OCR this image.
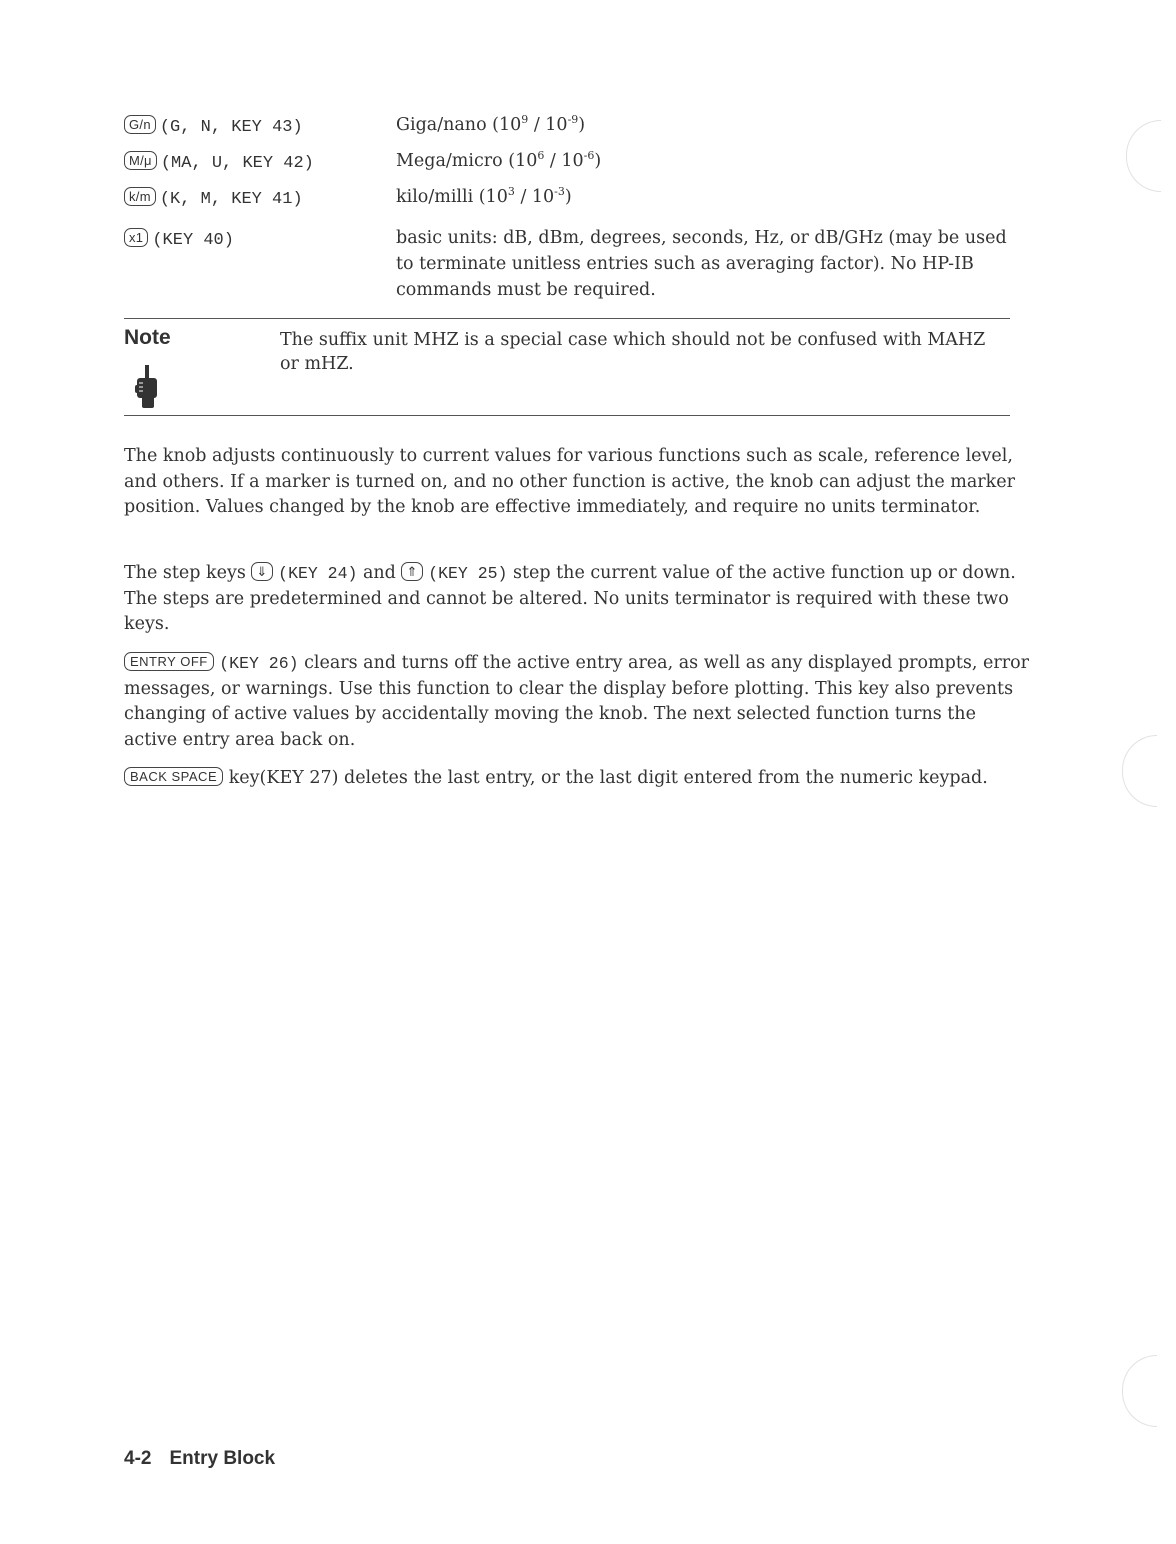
G/n (G, N, KEY 43)	Giga/nano $(10^9 / 10^{-9})$
M/μ (MA, U, KEY 42)	Mega/micro $(10^6 / 10^{-6})$
k/m (K, M, KEY 41)	kilo/milli $(10^3 / 10^{-3})$
x1 (KEY 40)	basic units: dB, dBm, degrees, seconds, Hz, or dB/GHz (may be used to terminate unitless entries such as averaging factor). No HP-IB commands must be required.
Note	The suffix unit MHZ is a special case which should not be confused with MAHZ or mHZ.
The knob adjusts continuously to current values for various functions such as scale, reference level, and others. If a marker is turned on, and no other function is active, the knob can adjust the marker position. Values changed by the knob are effective immediately, and require no units terminator.
The step keys ⇓ (KEY 24) and ⇑ (KEY 25) step the current value of the active function up or down. The steps are predetermined and cannot be altered. No units terminator is required with these two keys.
ENTRY OFF (KEY 26) clears and turns off the active entry area, as well as any displayed prompts, error messages, or warnings. Use this function to clear the display before plotting. This key also prevents changing of active values by accidentally moving the knob. The next selected function turns the active entry area back on.
BACK SPACE key(KEY 27) deletes the last entry, or the last digit entered from the numeric keypad.
4-2 Entry Block
